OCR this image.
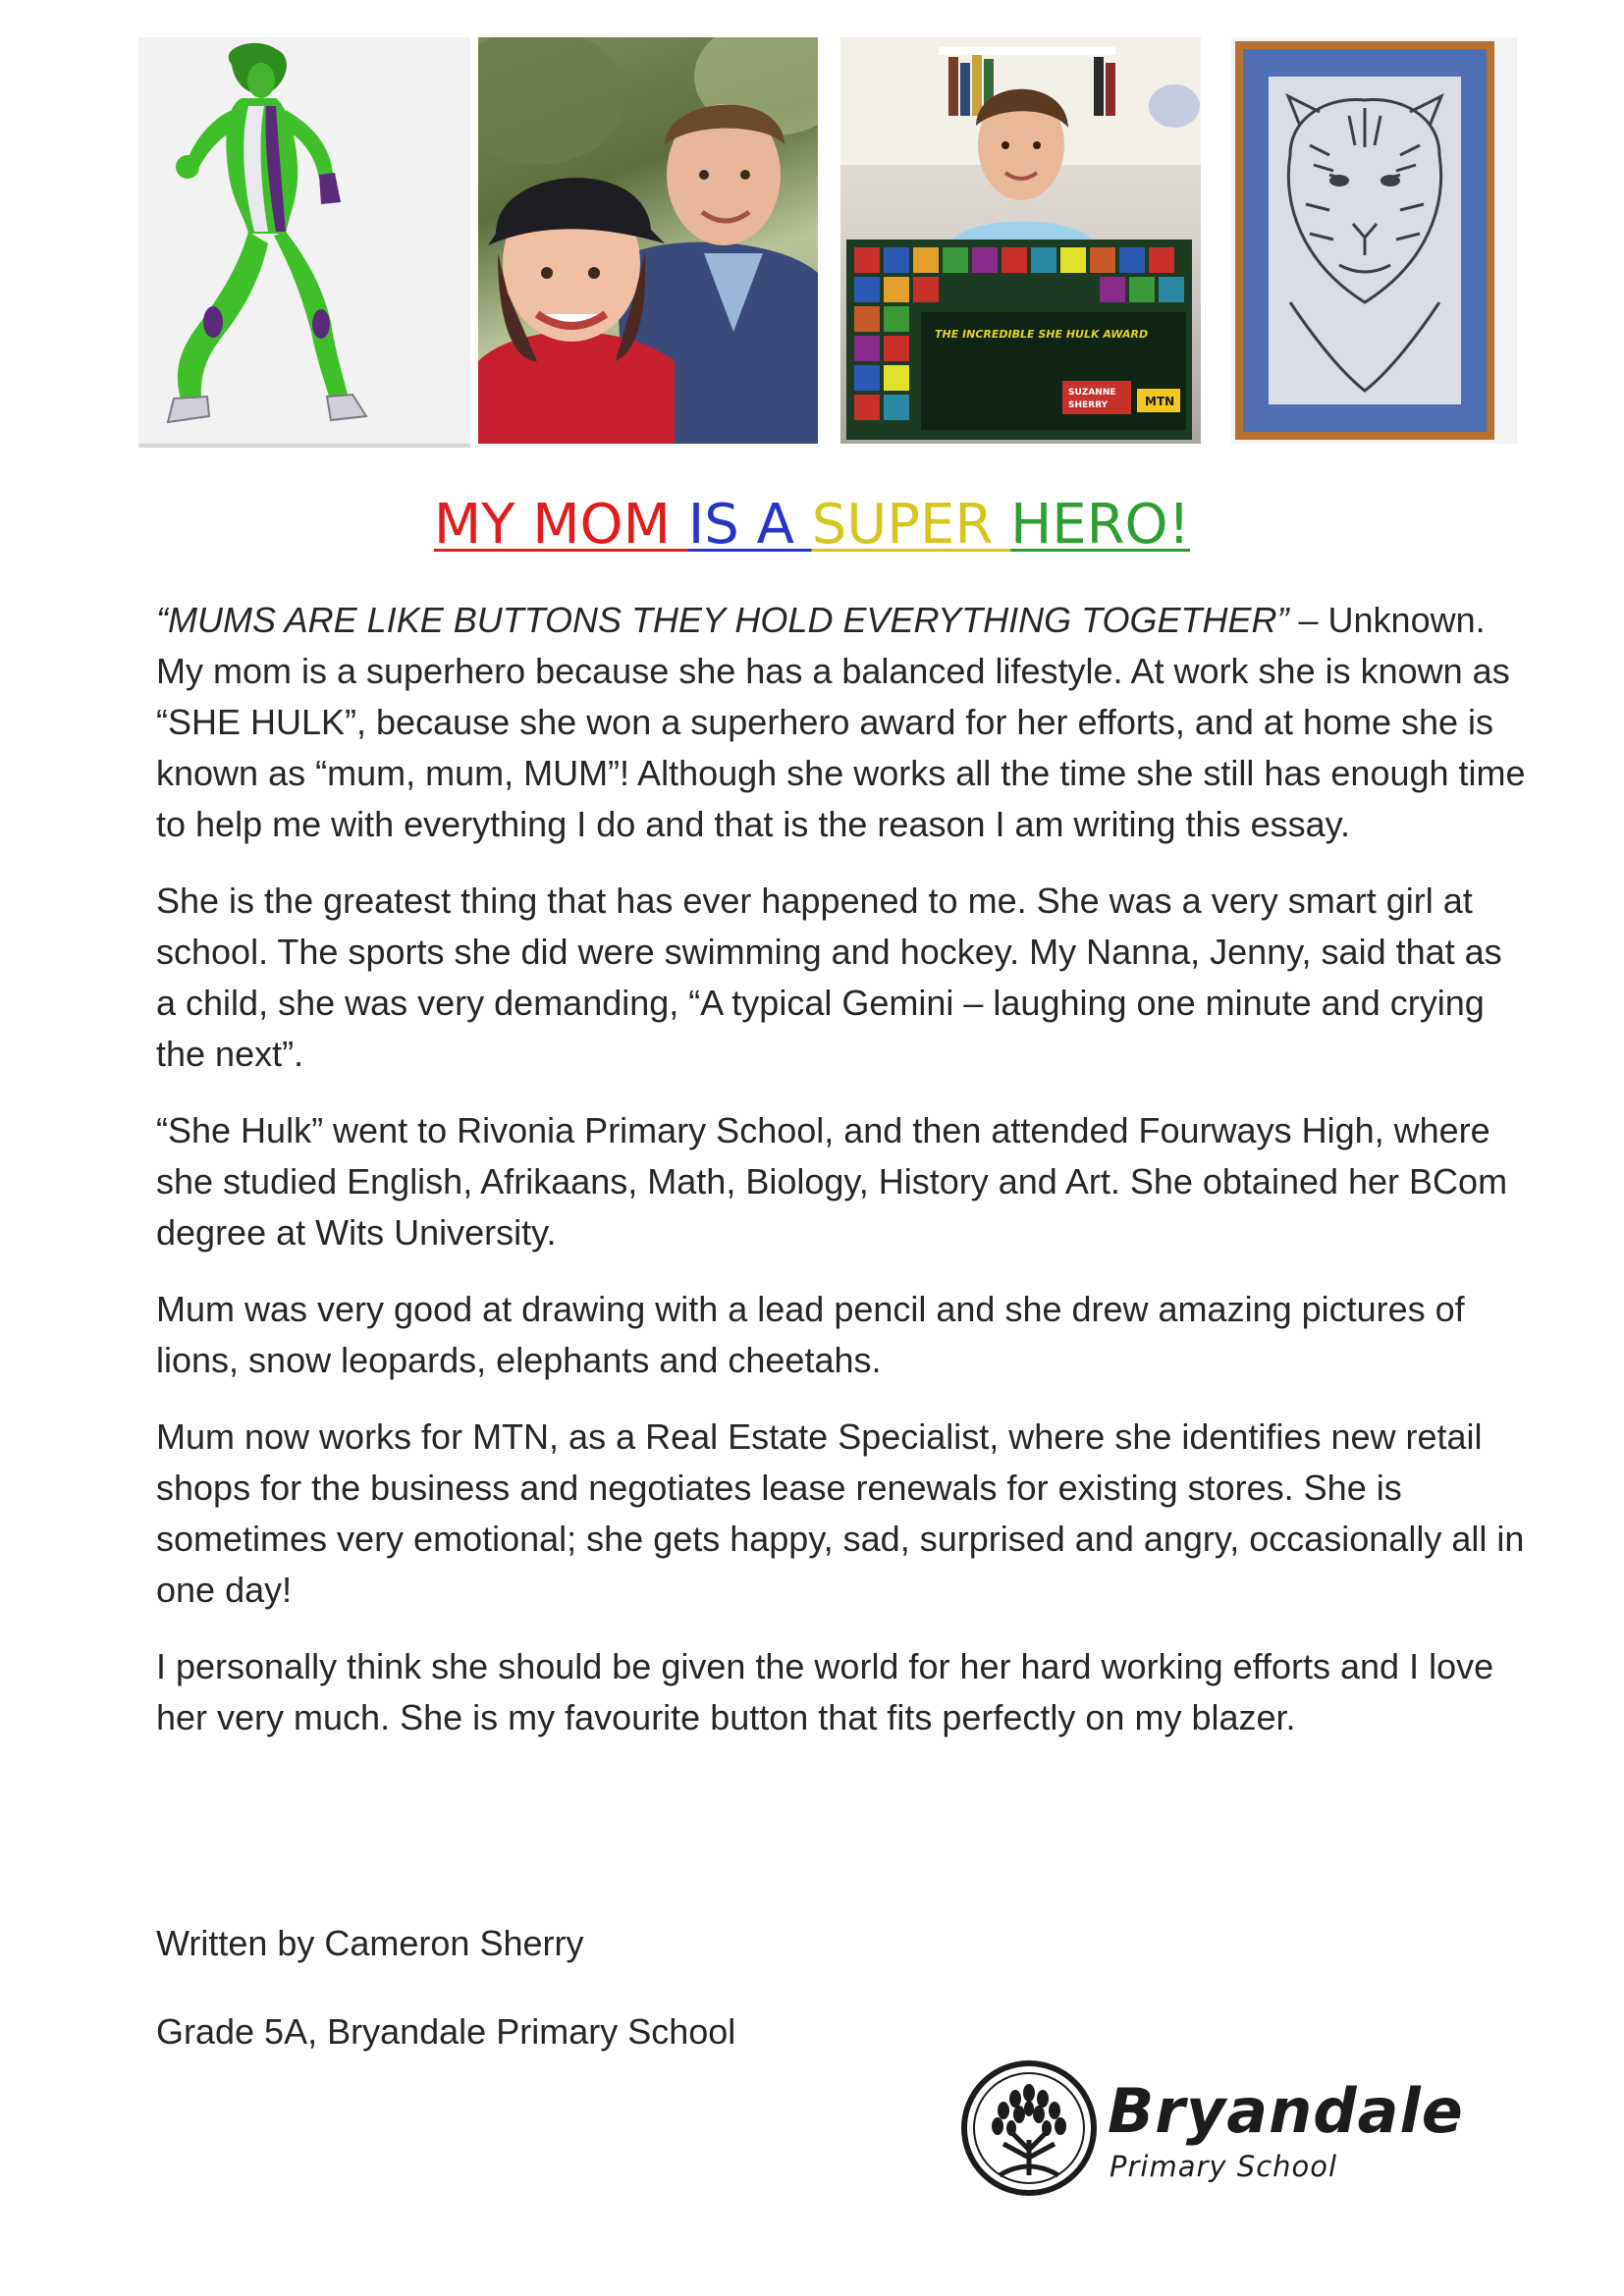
THE INCREDIBLE SHE HULK AWARD
SUZANNE
SHERRY	MTN
MY MOM IS A SUPER HERO!

“MUMS ARE LIKE BUTTONS THEY HOLD EVERYTHING TOGETHER” – Unknown. My mom is a superhero because she has a balanced lifestyle. At work she is known as “SHE HULK”, because she won a superhero award for her efforts, and at home she is known as “mum, mum, MUM”! Although she works all the time she still has enough time to help me with everything I do and that is the reason I am writing this essay.

She is the greatest thing that has ever happened to me. She was a very smart girl at school. The sports she did were swimming and hockey. My Nanna, Jenny, said that as a child, she was very demanding, “A typical Gemini – laughing one minute and crying the next”.

“She Hulk” went to Rivonia Primary School, and then attended Fourways High, where she studied English, Afrikaans, Math, Biology, History and Art. She obtained her BCom degree at Wits University.

Mum was very good at drawing with a lead pencil and she drew amazing pictures of lions, snow leopards, elephants and cheetahs.

Mum now works for MTN, as a Real Estate Specialist, where she identifies new retail shops for the business and negotiates lease renewals for existing stores. She is sometimes very emotional; she gets happy, sad, surprised and angry, occasionally all in one day!

I personally think she should be given the world for her hard working efforts and I love her very much. She is my favourite button that fits perfectly on my blazer.

Written by Cameron Sherry

Grade 5A, Bryandale Primary School

Bryandale
Primary School
